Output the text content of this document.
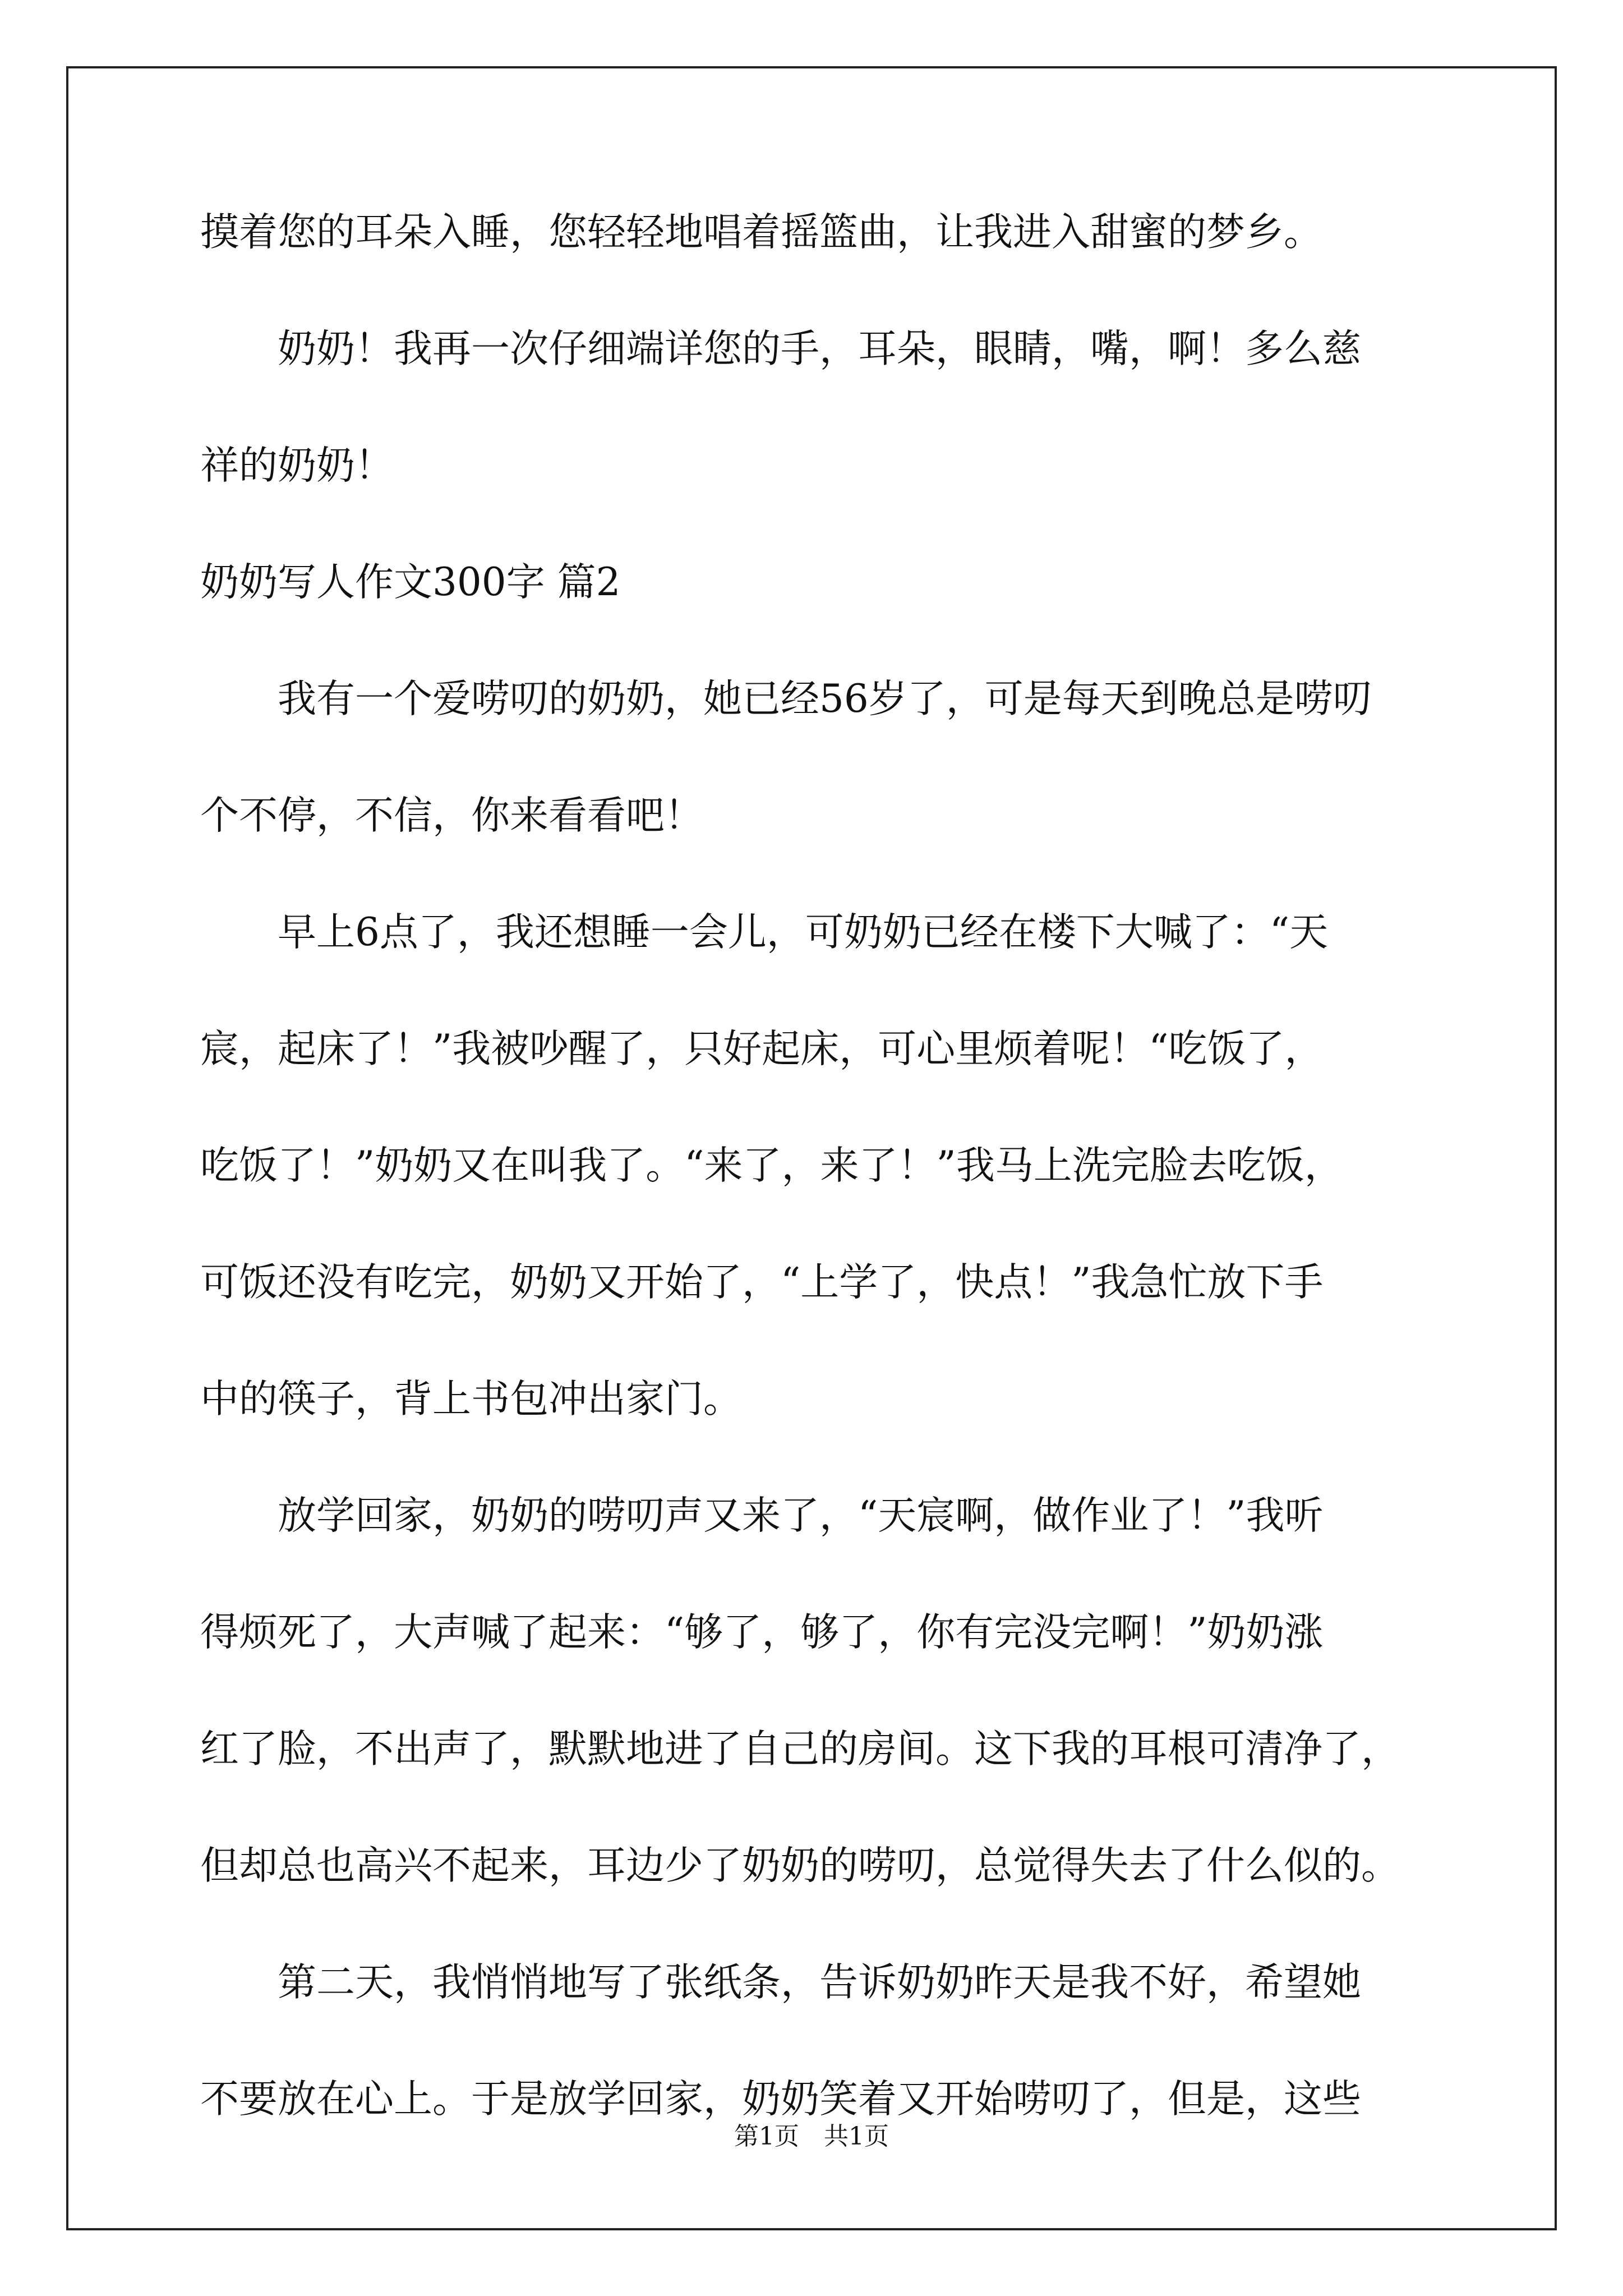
摸着您的耳朵入睡，您轻轻地唱着摇篮曲，让我进入甜蜜的梦乡。

　　奶奶！我再一次仔细端详您的手，耳朵，眼睛，嘴，啊！多么慈

祥的奶奶！

奶奶写人作文300字 篇2

　　我有一个爱唠叨的奶奶，她已经56岁了，可是每天到晚总是唠叨

个不停，不信，你来看看吧！

　　早上6点了，我还想睡一会儿，可奶奶已经在楼下大喊了：“天

宸，起床了！”我被吵醒了，只好起床，可心里烦着呢！“吃饭了，

吃饭了！”奶奶又在叫我了。“来了，来了！”我马上洗完脸去吃饭，

可饭还没有吃完，奶奶又开始了，“上学了，快点！”我急忙放下手

中的筷子，背上书包冲出家门。

　　放学回家，奶奶的唠叨声又来了，“天宸啊，做作业了！”我听

得烦死了，大声喊了起来：“够了，够了，你有完没完啊！”奶奶涨

红了脸，不出声了，默默地进了自己的房间。这下我的耳根可清净了，

但却总也高兴不起来，耳边少了奶奶的唠叨，总觉得失去了什么似的。

　　第二天，我悄悄地写了张纸条，告诉奶奶昨天是我不好，希望她

不要放在心上。于是放学回家，奶奶笑着又开始唠叨了，但是，这些

第1页　共1页
